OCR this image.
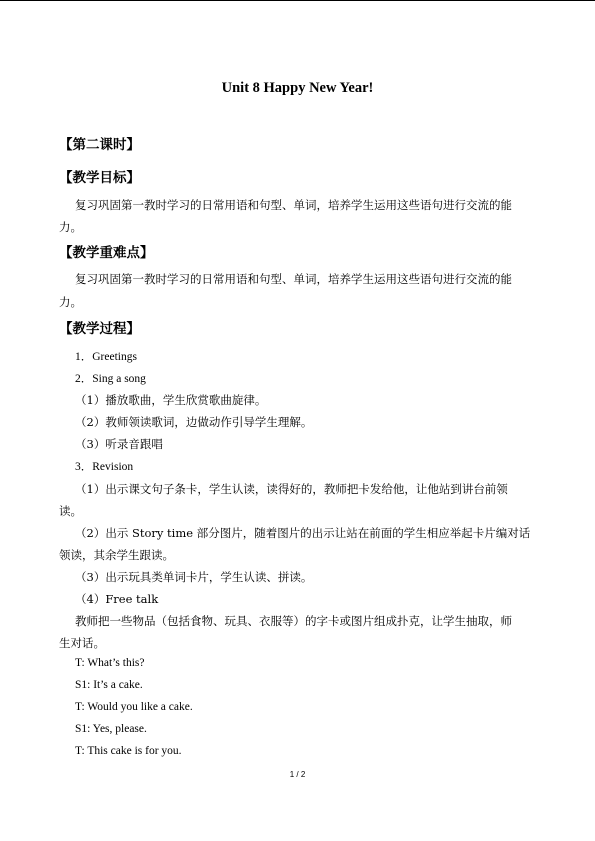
Unit 8 Happy New Year!
【第二课时】
【教学目标】
复习巩固第一教时学习的日常用语和句型、单词，培养学生运用这些语句进行交流的能
力。
【教学重难点】
复习巩固第一教时学习的日常用语和句型、单词，培养学生运用这些语句进行交流的能
力。
【教学过程】
1．Greetings
2．Sing a song
（1）播放歌曲，学生欣赏歌曲旋律。
（2）教师领读歌词，边做动作引导学生理解。
（3）听录音跟唱
3．Revision
（1）出示课文句子条卡，学生认读，读得好的，教师把卡发给他，让他站到讲台前领
读。
（2）出示 Story time 部分图片，随着图片的出示让站在前面的学生相应举起卡片编对话
领读，其余学生跟读。
（3）出示玩具类单词卡片，学生认读、拼读。
（4）Free talk
教师把一些物品（包括食物、玩具、衣服等）的字卡或图片组成扑克，让学生抽取，师
生对话。
T: What’s this?
S1: It’s a cake.
T: Would you like a cake.
S1: Yes, please.
T: This cake is for you.
1 / 2
